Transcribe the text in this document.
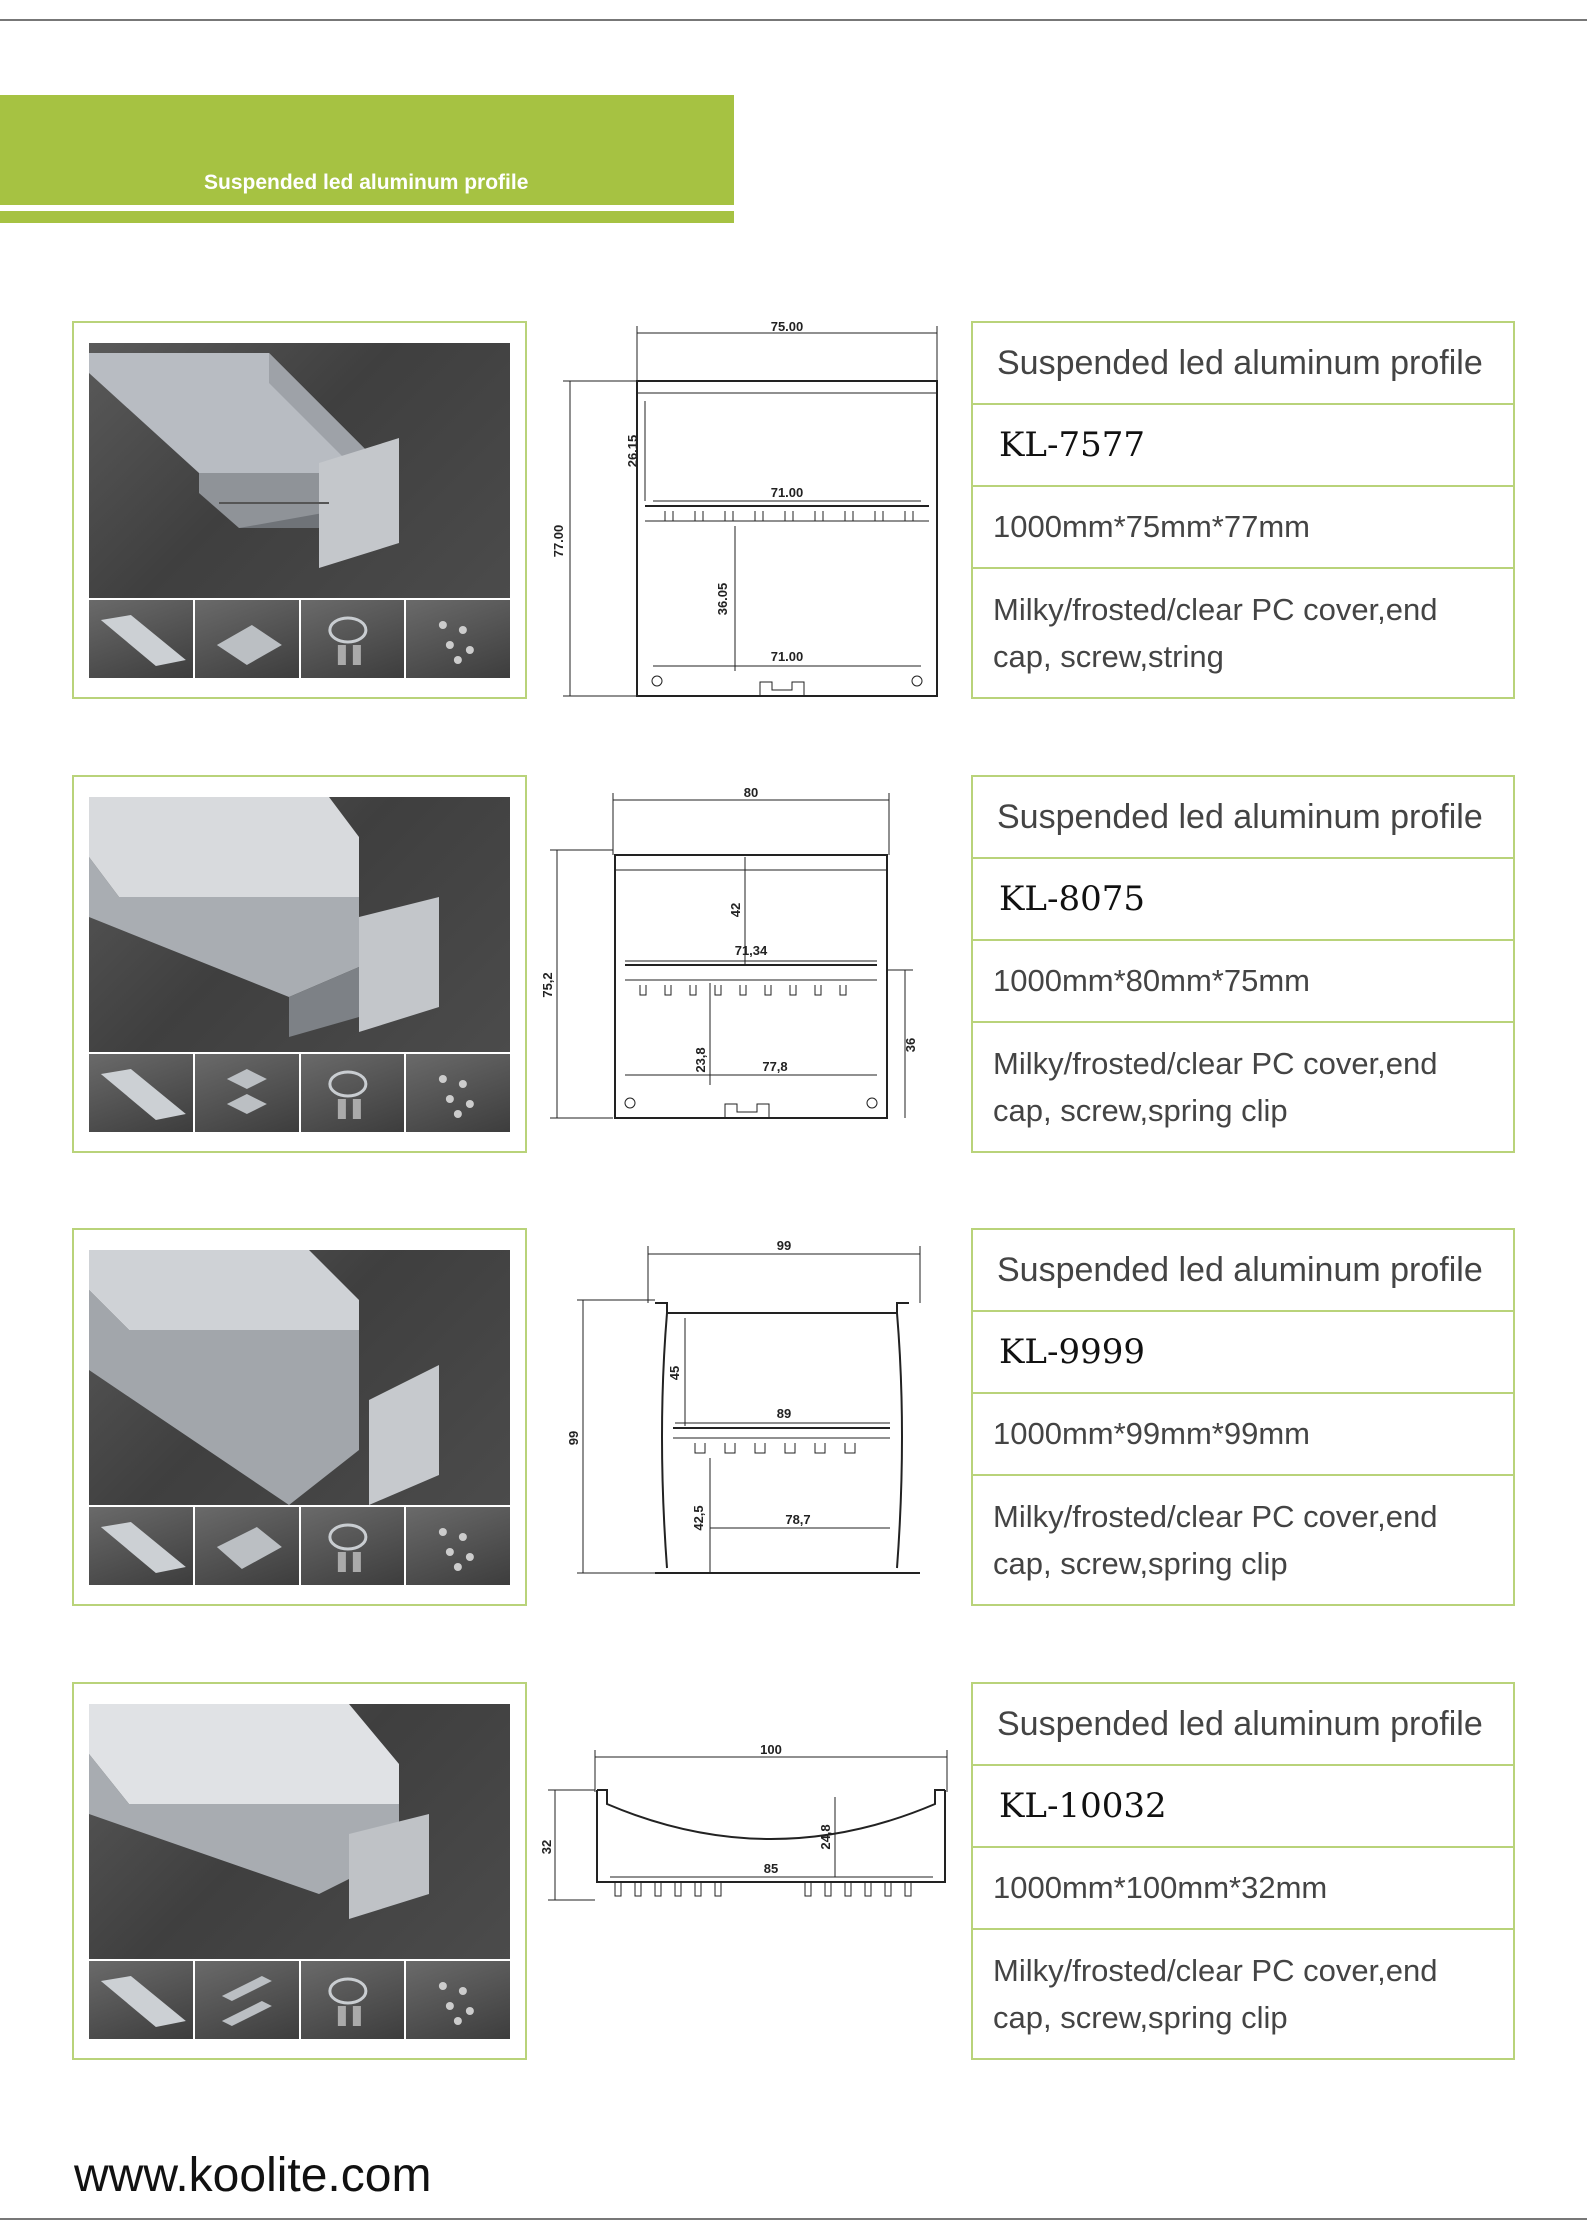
Suspended led aluminum profile
75.00
77.00
71.00
26.15
36.05
71.00
Suspended led aluminum profile
KL-7577
1000mm*75mm*77mm
Milky/frosted/clear PC cover,end cap, screw,string
80
75,2
42
71,34
23,8	77,8
36
Suspended led aluminum profile
KL-8075
1000mm*80mm*75mm
Milky/frosted/clear PC cover,end cap, screw,spring clip
99
99
45
89
42,5	78,7
Suspended led aluminum profile
KL-9999
1000mm*99mm*99mm
Milky/frosted/clear PC cover,end cap, screw,spring clip
100
32	24,8
85
Suspended led aluminum profile
KL-10032
1000mm*100mm*32mm
Milky/frosted/clear PC cover,end cap, screw,spring clip
www.koolite.com
